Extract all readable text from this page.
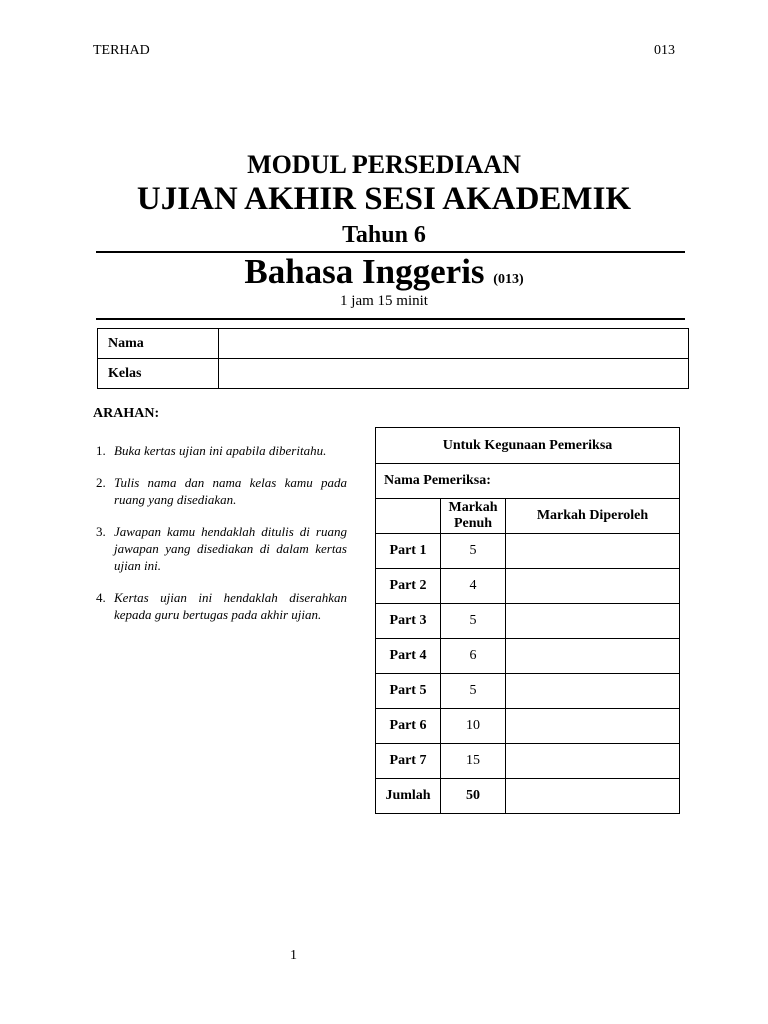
TERHAD	013
MODUL PERSEDIAAN
UJIAN AKHIR SESI AKADEMIK
Tahun 6
Bahasa Inggeris (013)
1 jam 15 minit
Nama	
Kelas	
ARAHAN:
1. Buka kertas ujian ini apabila diberitahu.
2. Tulis nama dan nama kelas kamu pada ruang yang disediakan.
3. Jawapan kamu hendaklah ditulis di ruang jawapan yang disediakan di dalam kertas ujian ini.
4. Kertas ujian ini hendaklah diserahkan kepada guru bertugas pada akhir ujian.
Untuk Kegunaan Pemeriksa		
Nama Pemeriksa:		
	Markah Penuh	Markah Diperoleh
Part 1	5	
Part 2	4	
Part 3	5	
Part 4	6	
Part 5	5	
Part 6	10	
Part 7	15	
Jumlah	50	
1
